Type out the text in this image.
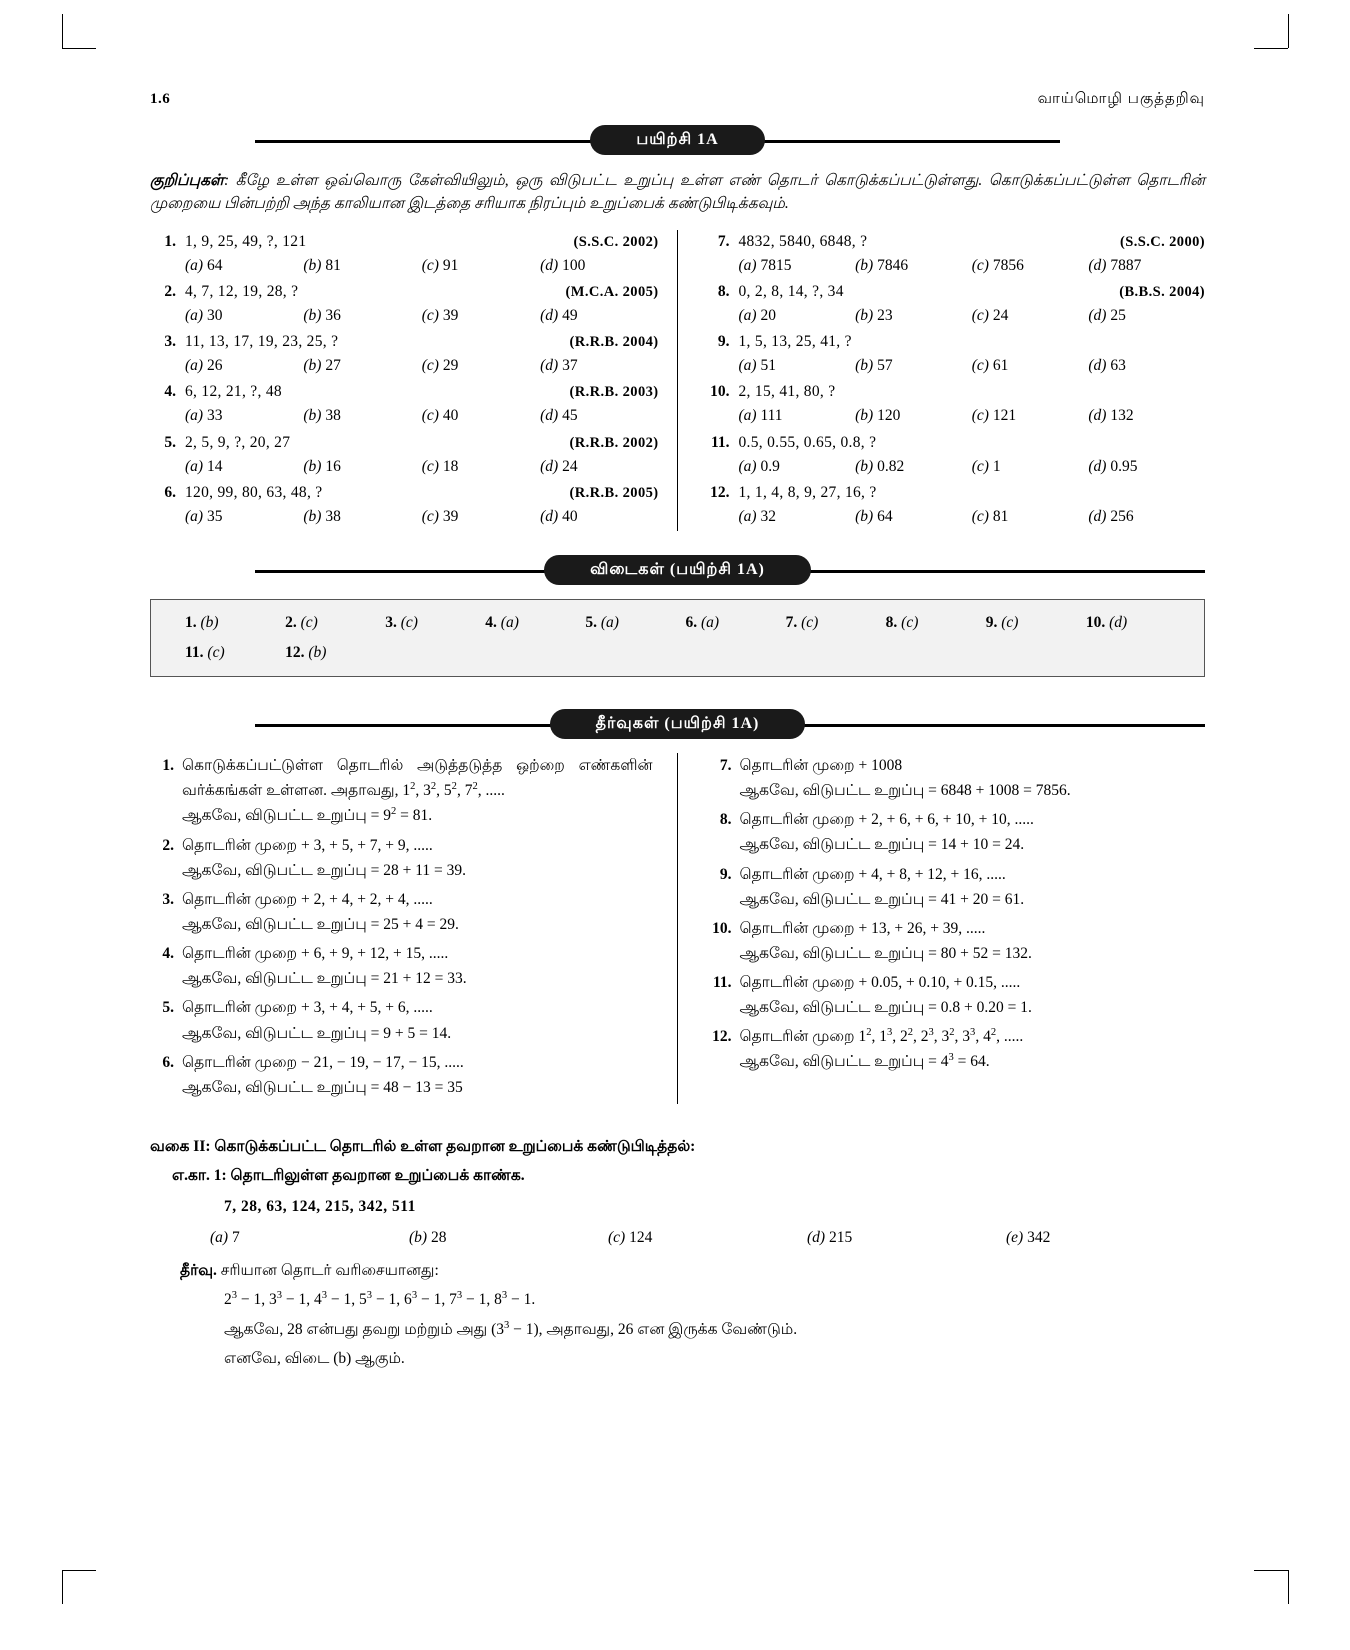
1.6	வாய்மொழி பகுத்தறிவு
பயிற்சி 1A
குறிப்புகள்: கீழே உள்ள ஒவ்வொரு கேள்வியிலும், ஒரு விடுபட்ட உறுப்பு உள்ள எண் தொடர் கொடுக்கப்பட்டுள்ளது. கொடுக்கப்பட்டுள்ள தொடரின் முறையை பின்பற்றி அந்த காலியான இடத்தை சரியாக நிரப்பும் உறுப்பைக் கண்டுபிடிக்கவும்.
1. 1, 9, 25, 49, ?, 121	(S.S.C. 2002)
(a) 64	(b) 81	(c) 91	(d) 100
2. 4, 7, 12, 19, 28, ?	(M.C.A. 2005)
(a) 30	(b) 36	(c) 39	(d) 49
3. 11, 13, 17, 19, 23, 25, ?	(R.R.B. 2004)
(a) 26	(b) 27	(c) 29	(d) 37
4. 6, 12, 21, ?, 48	(R.R.B. 2003)
(a) 33	(b) 38	(c) 40	(d) 45
5. 2, 5, 9, ?, 20, 27	(R.R.B. 2002)
(a) 14	(b) 16	(c) 18	(d) 24
6. 120, 99, 80, 63, 48, ?	(R.R.B. 2005)
(a) 35	(b) 38	(c) 39	(d) 40
7. 4832, 5840, 6848, ?	(S.S.C. 2000)
(a) 7815	(b) 7846	(c) 7856	(d) 7887
8. 0, 2, 8, 14, ?, 34	(B.B.S. 2004)
(a) 20	(b) 23	(c) 24	(d) 25
9. 1, 5, 13, 25, 41, ?
(a) 51	(b) 57	(c) 61	(d) 63
10. 2, 15, 41, 80, ?
(a) 111	(b) 120	(c) 121	(d) 132
11. 0.5, 0.55, 0.65, 0.8, ?
(a) 0.9	(b) 0.82	(c) 1	(d) 0.95
12. 1, 1, 4, 8, 9, 27, 16, ?
(a) 32	(b) 64	(c) 81	(d) 256
விடைகள் (பயிற்சி 1A)
1. (b)	2. (c)	3. (c)	4. (a)	5. (a)	6. (a)	7. (c)	8. (c)	9. (c)	10. (d)
11. (c)	12. (b)
தீர்வுகள் (பயிற்சி 1A)
1. கொடுக்கப்பட்டுள்ள தொடரில் அடுத்தடுத்த ஒற்றை எண்களின் வர்க்கங்கள் உள்ளன. அதாவது, $1^2$, $3^2$, $5^2$, $7^2$, .....
ஆகவே, விடுபட்ட உறுப்பு = $9^2 = 81$.
2. தொடரின் முறை + 3, + 5, + 7, + 9, .....
ஆகவே, விடுபட்ட உறுப்பு = 28 + 11 = 39.
3. தொடரின் முறை + 2, + 4, + 2, + 4, .....
ஆகவே, விடுபட்ட உறுப்பு = 25 + 4 = 29.
4. தொடரின் முறை + 6, + 9, + 12, + 15, .....
ஆகவே, விடுபட்ட உறுப்பு = 21 + 12 = 33.
5. தொடரின் முறை + 3, + 4, + 5, + 6, .....
ஆகவே, விடுபட்ட உறுப்பு = 9 + 5 = 14.
6. தொடரின் முறை − 21, − 19, − 17, − 15, .....
ஆகவே, விடுபட்ட உறுப்பு = 48 − 13 = 35
7. தொடரின் முறை + 1008
ஆகவே, விடுபட்ட உறுப்பு = 6848 + 1008 = 7856.
8. தொடரின் முறை + 2, + 6, + 6, + 10, + 10, .....
ஆகவே, விடுபட்ட உறுப்பு = 14 + 10 = 24.
9. தொடரின் முறை + 4, + 8, + 12, + 16, .....
ஆகவே, விடுபட்ட உறுப்பு = 41 + 20 = 61.
10. தொடரின் முறை + 13, + 26, + 39, .....
ஆகவே, விடுபட்ட உறுப்பு = 80 + 52 = 132.
11. தொடரின் முறை + 0.05, + 0.10, + 0.15, .....
ஆகவே, விடுபட்ட உறுப்பு = 0.8 + 0.20 = 1.
12. தொடரின் முறை $1^2$, $1^3$, $2^2$, $2^3$, $3^2$, $3^3$, $4^2$, .....
ஆகவே, விடுபட்ட உறுப்பு = $4^3 = 64$.
வகை II: கொடுக்கப்பட்ட தொடரில் உள்ள தவறான உறுப்பைக் கண்டுபிடித்தல்:
எ.கா. 1: தொடரிலுள்ள தவறான உறுப்பைக் காண்க.
7, 28, 63, 124, 215, 342, 511
(a) 7	(b) 28	(c) 124	(d) 215	(e) 342
தீர்வு. சரியான தொடர் வரிசையானது:
$2^3 - 1$, $3^3 - 1$, $4^3 - 1$, $5^3 - 1$, $6^3 - 1$, $7^3 - 1$, $8^3 - 1$.
ஆகவே, 28 என்பது தவறு மற்றும் அது $(3^3 - 1)$, அதாவது, 26 என இருக்க வேண்டும்.
எனவே, விடை (b) ஆகும்.
